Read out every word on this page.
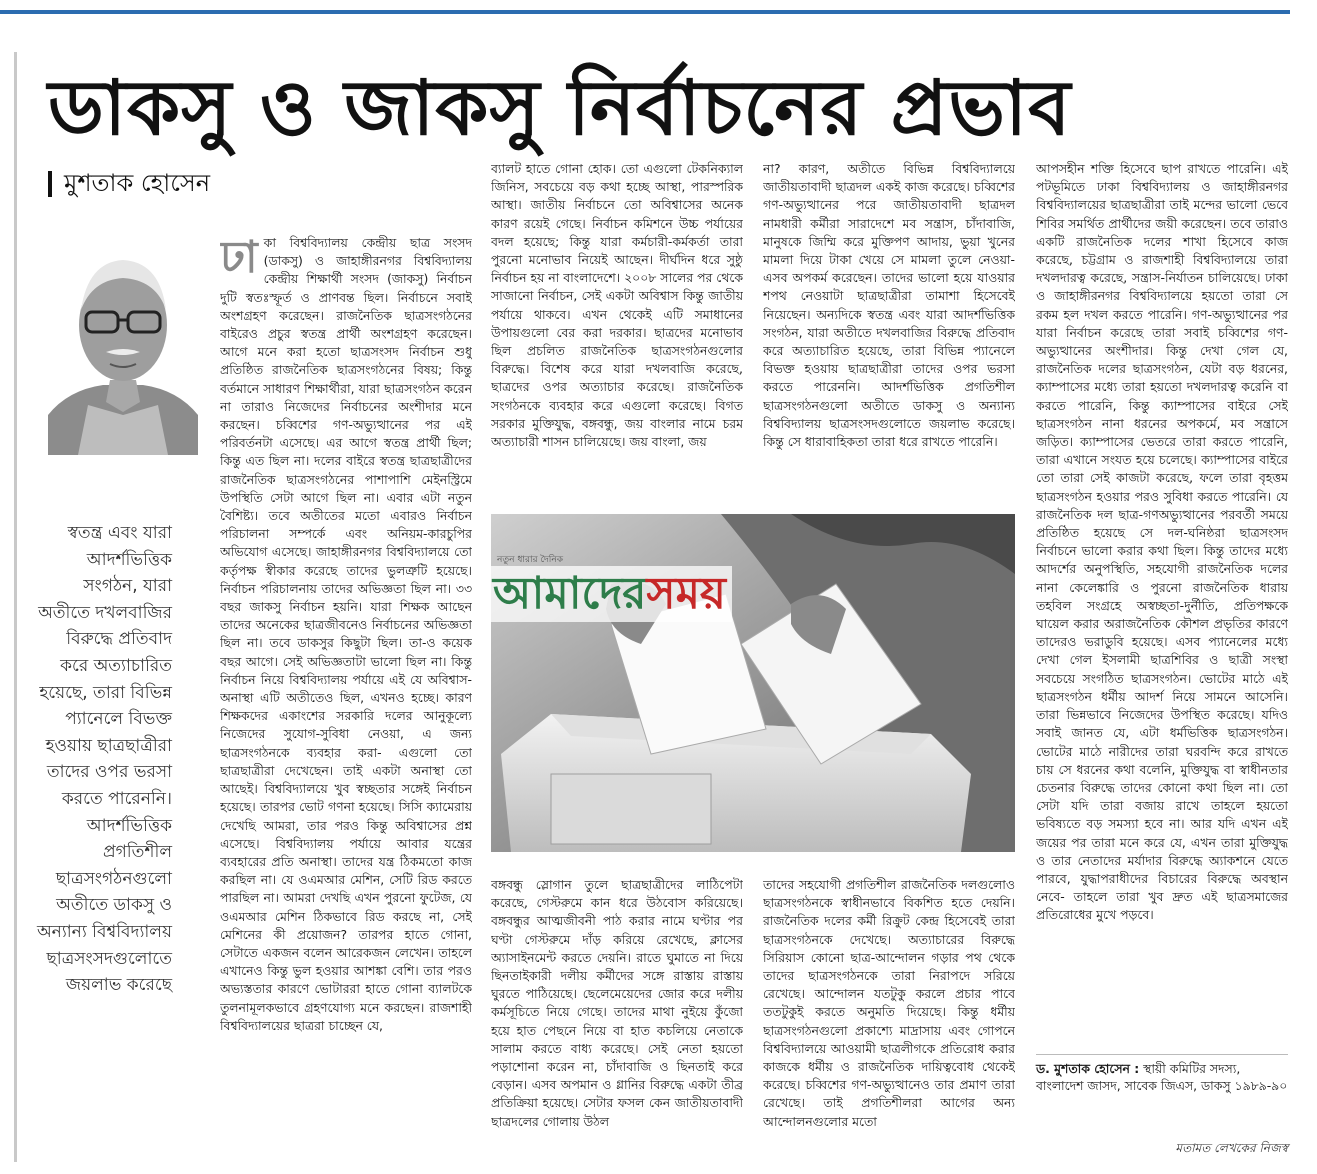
ডাকসু ও জাকসু নির্বাচনের প্রভাব
মুশতাক হোসেন
স্বতন্ত্র এবং যারা আদর্শভিত্তিক সংগঠন, যারা অতীতে দখলবাজির বিরুদ্ধে প্রতিবাদ করে অত্যাচারিত হয়েছে, তারা বিভিন্ন প্যানেলে বিভক্ত হওয়ায় ছাত্রছাত্রীরা তাদের ওপর ভরসা করতে পারেননি। আদর্শভিত্তিক প্রগতিশীল ছাত্রসংগঠনগুলো অতীতে ডাকসু ও অন্যান্য বিশ্ববিদ্যালয় ছাত্রসংসদগুলোতে জয়লাভ করেছে

ঢাকা বিশ্ববিদ্যালয় কেন্দ্রীয় ছাত্র সংসদ (ডাকসু) ও জাহাঙ্গীরনগর বিশ্ববিদ্যালয় কেন্দ্রীয় শিক্ষার্থী সংসদ (জাকসু) নির্বাচন দুটি স্বতঃস্ফূর্ত ও প্রাণবন্ত ছিল। নির্বাচনে সবাই অংশগ্রহণ করেছেন। রাজনৈতিক ছাত্রসংগঠনের বাইরেও প্রচুর স্বতন্ত্র প্রার্থী অংশগ্রহণ করেছেন। আগে মনে করা হতো ছাত্রসংসদ নির্বাচন শুধু প্রতিষ্ঠিত রাজনৈতিক ছাত্রসংগঠনের বিষয়; কিন্তু বর্তমানে সাধারণ শিক্ষার্থীরা, যারা ছাত্রসংগঠন করেন না তারাও নিজেদের নির্বাচনের অংশীদার মনে করছেন। চব্বিশের গণ-অভ্যুত্থানের পর এই পরিবর্তনটা এসেছে। এর আগে স্বতন্ত্র প্রার্থী ছিল; কিন্তু এত ছিল না। দলের বাইরে স্বতন্ত্র ছাত্রছাত্রীদের রাজনৈতিক ছাত্রসংগঠনের পাশাপাশি মেইনস্ট্রিমে উপস্থিতি সেটা আগে ছিল না। এবার এটা নতুন বৈশিষ্ট্য। তবে অতীতের মতো এবারও নির্বাচন পরিচালনা সম্পর্কে এবং অনিয়ম-কারচুপির অভিযোগ এসেছে। জাহাঙ্গীরনগর বিশ্ববিদ্যালয়ে তো কর্তৃপক্ষ স্বীকার করেছে তাদের ভুলত্রুটি হয়েছে। নির্বাচন পরিচালনায় তাদের অভিজ্ঞতা ছিল না। ৩৩ বছর জাকসু নির্বাচন হয়নি। যারা শিক্ষক আছেন তাদের অনেকের ছাত্রজীবনেও নির্বাচনের অভিজ্ঞতা ছিল না। তবে ডাকসুর কিছুটা ছিল। তা-ও কয়েক বছর আগে। সেই অভিজ্ঞতাটা ভালো ছিল না। কিন্তু নির্বাচন নিয়ে বিশ্ববিদ্যালয় পর্যায়ে এই যে অবিশ্বাস-অনাস্থা এটি অতীতেও ছিল, এখনও হচ্ছে। কারণ শিক্ষকদের একাংশের সরকারি দলের আনুকূল্যে নিজেদের সুযোগ-সুবিধা নেওয়া, এ জন্য ছাত্রসংগঠনকে ব্যবহার করা- এগুলো তো ছাত্রছাত্রীরা দেখেছেন। তাই একটা অনাস্থা তো আছেই। বিশ্ববিদ্যালয়ে খুব স্বচ্ছতার সঙ্গেই নির্বাচন হয়েছে। তারপর ভোট গণনা হয়েছে। সিসি ক্যামেরায় দেখেছি আমরা, তার পরও কিন্তু অবিশ্বাসের প্রশ্ন এসেছে। বিশ্ববিদ্যালয় পর্যায়ে আবার যন্ত্রের ব্যবহারের প্রতি অনাস্থা। তাদের যন্ত্র ঠিকমতো কাজ করছিল না। যে ওএমআর মেশিন, সেটি রিড করতে পারছিল না। আমরা দেখছি এখন পুরনো ফুটেজ, যে ওএমআর মেশিন ঠিকভাবে রিড করছে না, সেই মেশিনের কী প্রয়োজন? তারপর হাতে গোনা, সেটাতে একজন বলেন আরেকজন লেখেন। তাহলে এখানেও কিন্তু ভুল হওয়ার আশঙ্কা বেশি। তার পরও অভ্যস্ততার কারণে ভোটাররা হাতে গোনা ব্যালটকে তুলনামূলকভাবে গ্রহণযোগ্য মনে করছেন। রাজশাহী বিশ্ববিদ্যালয়ের ছাত্ররা চাচ্ছেন যে,

ব্যালট হাতে গোনা হোক। তো এগুলো টেকনিক্যাল জিনিস, সবচেয়ে বড় কথা হচ্ছে আস্থা, পারস্পরিক আস্থা। জাতীয় নির্বাচনে তো অবিশ্বাসের অনেক কারণ রয়েই গেছে। নির্বাচন কমিশনে উচ্চ পর্যায়ের বদল হয়েছে; কিন্তু যারা কর্মচারী-কর্মকর্তা তারা পুরনো মনোভাব নিয়েই আছেন। দীর্ঘদিন ধরে সুষ্ঠু নির্বাচন হয় না বাংলাদেশে। ২০০৮ সালের পর থেকে সাজানো নির্বাচন, সেই একটা অবিশ্বাস কিন্তু জাতীয় পর্যায়ে থাকবে। এখন থেকেই এটি সমাধানের উপায়গুলো বের করা দরকার। ছাত্রদের মনোভাব ছিল প্রচলিত রাজনৈতিক ছাত্রসংগঠনগুলোর বিরুদ্ধে। বিশেষ করে যারা দখলবাজি করেছে, ছাত্রদের ওপর অত্যাচার করেছে। রাজনৈতিক সংগঠনকে ব্যবহার করে এগুলো করেছে। বিগত সরকার মুক্তিযুদ্ধ, বঙ্গবন্ধু, জয় বাংলার নামে চরম অত্যাচারী শাসন চালিয়েছে। জয় বাংলা, জয়

না? কারণ, অতীতে বিভিন্ন বিশ্ববিদ্যালয়ে জাতীয়তাবাদী ছাত্রদল একই কাজ করেছে। চব্বিশের গণ-অভ্যুত্থানের পরে জাতীয়তাবাদী ছাত্রদল নামধারী কর্মীরা সারাদেশে মব সন্ত্রাস, চাঁদাবাজি, মানুষকে জিম্মি করে মুক্তিপণ আদায়, ভুয়া খুনের মামলা দিয়ে টাকা খেয়ে সে মামলা তুলে নেওয়া- এসব অপকর্ম করেছেন। তাদের ভালো হয়ে যাওয়ার শপথ নেওয়াটা ছাত্রছাত্রীরা তামাশা হিসেবেই নিয়েছেন। অন্যদিকে স্বতন্ত্র এবং যারা আদর্শভিত্তিক সংগঠন, যারা অতীতে দখলবাজির বিরুদ্ধে প্রতিবাদ করে অত্যাচারিত হয়েছে, তারা বিভিন্ন প্যানেলে বিভক্ত হওয়ায় ছাত্রছাত্রীরা তাদের ওপর ভরসা করতে পারেননি। আদর্শভিত্তিক প্রগতিশীল ছাত্রসংগঠনগুলো অতীতে ডাকসু ও অন্যান্য বিশ্ববিদ্যালয় ছাত্রসংসদগুলোতে জয়লাভ করেছে। কিন্তু সে ধারাবাহিকতা তারা ধরে রাখতে পারেনি।

নতুন ধারার দৈনিক
আমাদেরসময়

বঙ্গবন্ধু স্লোগান তুলে ছাত্রছাত্রীদের লাঠিপেটা করেছে, গেস্টরুমে কান ধরে উঠবোস করিয়েছে। বঙ্গবন্ধুর আত্মজীবনী পাঠ করার নামে ঘণ্টার পর ঘণ্টা গেস্টরুমে দাঁড় করিয়ে রেখেছে, ক্লাসের অ্যাসাইনমেন্ট করতে দেয়নি। রাতে ঘুমাতে না দিয়ে ছিনতাইকারী দলীয় কর্মীদের সঙ্গে রাস্তায় রাস্তায় ঘুরতে পাঠিয়েছে। ছেলেমেয়েদের জোর করে দলীয় কর্মসূচিতে নিয়ে গেছে। তাদের মাথা নুইয়ে কুঁজো হয়ে হাত পেছনে নিয়ে বা হাত কচলিয়ে নেতাকে সালাম করতে বাধ্য করেছে। সেই নেতা হয়তো পড়াশোনা করেন না, চাঁদাবাজি ও ছিনতাই করে বেড়ান। এসব অপমান ও গ্লানির বিরুদ্ধে একটা তীব্র প্রতিক্রিয়া হয়েছে। সেটার ফসল কেন জাতীয়তাবাদী ছাত্রদলের গোলায় উঠল

তাদের সহযোগী প্রগতিশীল রাজনৈতিক দলগুলোও ছাত্রসংগঠনকে স্বাধীনভাবে বিকশিত হতে দেয়নি। রাজনৈতিক দলের কর্মী রিক্রুট কেন্দ্র হিসেবেই তারা ছাত্রসংগঠনকে দেখেছে। অত্যাচারের বিরুদ্ধে সিরিয়াস কোনো ছাত্র-আন্দোলন গড়ার পথ থেকে তাদের ছাত্রসংগঠনকে তারা নিরাপদে সরিয়ে রেখেছে। আন্দোলন যতটুকু করলে প্রচার পাবে ততটুকুই করতে অনুমতি দিয়েছে। কিন্তু ধর্মীয় ছাত্রসংগঠনগুলো প্রকাশ্যে মাদ্রাসায় এবং গোপনে বিশ্ববিদ্যালয়ে আওয়ামী ছাত্রলীগকে প্রতিরোধ করার কাজকে ধর্মীয় ও রাজনৈতিক দায়িত্ববোধ থেকেই করেছে। চব্বিশের গণ-অভ্যুত্থানেও তার প্রমাণ তারা রেখেছে। তাই প্রগতিশীলরা আগের অন্য আন্দোলনগুলোর মতো

আপসহীন শক্তি হিসেবে ছাপ রাখতে পারেনি। এই পটভূমিতে ঢাকা বিশ্ববিদ্যালয় ও জাহাঙ্গীরনগর বিশ্ববিদ্যালয়ের ছাত্রছাত্রীরা তাই মন্দের ভালো ভেবে শিবির সমর্থিত প্রার্থীদের জয়ী করেছেন। তবে তারাও একটি রাজনৈতিক দলের শাখা হিসেবে কাজ করেছে, চট্টগ্রাম ও রাজশাহী বিশ্ববিদ্যালয়ে তারা দখলদারত্ব করেছে, সন্ত্রাস-নির্যাতন চালিয়েছে। ঢাকা ও জাহাঙ্গীরনগর বিশ্ববিদ্যালয়ে হয়তো তারা সে রকম হল দখল করতে পারেনি। গণ-অভ্যুত্থানের পর যারা নির্বাচন করেছে তারা সবাই চব্বিশের গণ-অভ্যুত্থানের অংশীদার। কিন্তু দেখা গেল যে, রাজনৈতিক দলের ছাত্রসংগঠন, যেটা বড় ধরনের, ক্যাম্পাসের মধ্যে তারা হয়তো দখলদারত্ব করেনি বা করতে পারেনি, কিন্তু ক্যাম্পাসের বাইরে সেই ছাত্রসংগঠন নানা ধরনের অপকর্মে, মব সন্ত্রাসে জড়িত। ক্যাম্পাসের ভেতরে তারা করতে পারেনি, তারা এখানে সংযত হয়ে চলেছে। ক্যাম্পাসের বাইরে তো তারা সেই কাজটা করেছে, ফলে তারা বৃহত্তম ছাত্রসংগঠন হওয়ার পরও সুবিধা করতে পারেনি। যে রাজনৈতিক দল ছাত্র-গণঅভ্যুত্থানের পরবর্তী সময়ে প্রতিষ্ঠিত হয়েছে সে দল-ঘনিষ্ঠরা ছাত্রসংসদ নির্বাচনে ভালো করার কথা ছিল। কিন্তু তাদের মধ্যে আদর্শের অনুপস্থিতি, সহযোগী রাজনৈতিক দলের নানা কেলেঙ্কারি ও পুরনো রাজনৈতিক ধারায় তহবিল সংগ্রহে অস্বচ্ছতা-দুর্নীতি, প্রতিপক্ষকে ঘায়েল করার অরাজনৈতিক কৌশল প্রভৃতির কারণে তাদেরও ভরাডুবি হয়েছে। এসব প্যানেলের মধ্যে দেখা গেল ইসলামী ছাত্রশিবির ও ছাত্রী সংস্থা সবচেয়ে সংগঠিত ছাত্রসংগঠন। ভোটের মাঠে এই ছাত্রসংগঠন ধর্মীয় আদর্শ নিয়ে সামনে আসেনি। তারা ভিন্নভাবে নিজেদের উপস্থিত করেছে। যদিও সবাই জানত যে, এটা ধর্মভিত্তিক ছাত্রসংগঠন। ভোটের মাঠে নারীদের তারা ঘরবন্দি করে রাখতে চায় সে ধরনের কথা বলেনি, মুক্তিযুদ্ধ বা স্বাধীনতার চেতনার বিরুদ্ধে তাদের কোনো কথা ছিল না। তো সেটা যদি তারা বজায় রাখে তাহলে হয়তো ভবিষ্যতে বড় সমস্যা হবে না। আর যদি এখন এই জয়ের পর তারা মনে করে যে, এখন তারা মুক্তিযুদ্ধ ও তার নেতাদের মর্যাদার বিরুদ্ধে অ্যাকশনে যেতে পারবে, যুদ্ধাপরাধীদের বিচারের বিরুদ্ধে অবস্থান নেবে- তাহলে তারা খুব দ্রুত এই ছাত্রসমাজের প্রতিরোধের মুখে পড়বে।

ড. মুশতাক হোসেন : স্থায়ী কমিটির সদস্য, বাংলাদেশ জাসদ, সাবেক জিএস, ডাকসু ১৯৮৯-৯০
মতামত লেখকের নিজস্ব
